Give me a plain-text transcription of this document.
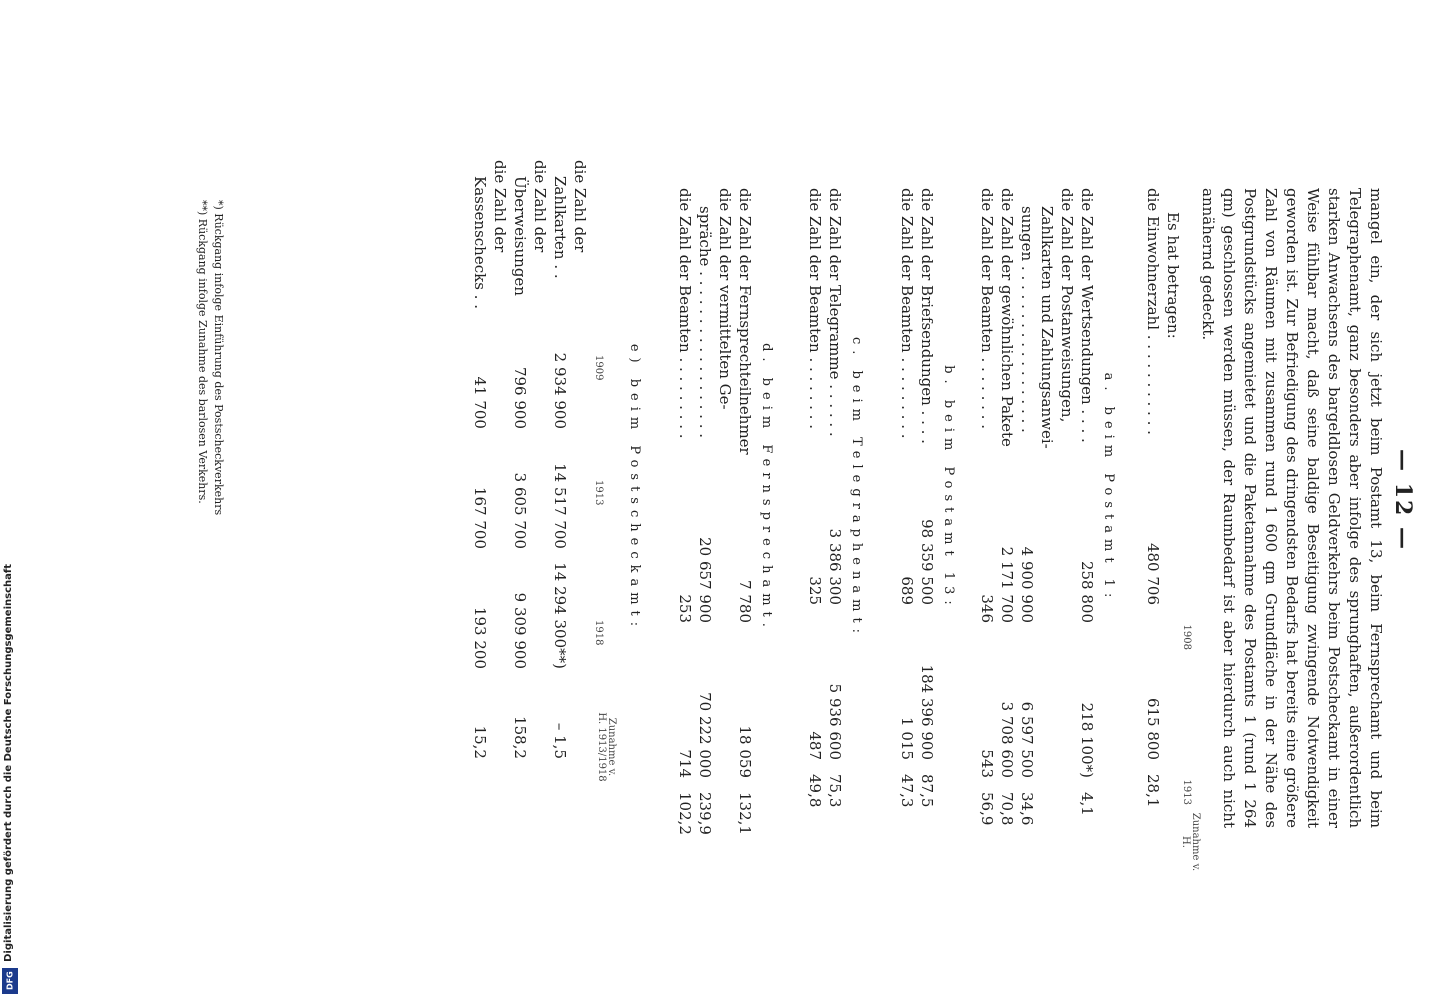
— 12 —

mangel ein, der sich jetzt beim Postamt 13, beim Fernsprechamt und beim Telegraphenamt, ganz besonders aber infolge des sprunghaften, außerordentlich starken Anwachsens des bargeldlosen Geldverkehrs beim Postscheckamt in einer Weise fühlbar macht, daß seine baldige Beseitigung zwingende Notwendigkeit geworden ist. Zur Befriedigung des dringendsten Bedarfs hat bereits eine größere Zahl von Räumen mit zusammen rund 1 600 qm Grundfläche in der Nähe des Postgrundstücks angemietet und die Paketannahme des Postamts 1 (rund 1 264 qm) geschlossen werden müssen, der Raumbedarf ist aber hierdurch auch nicht annähernd gedeckt.

1908
1913
Zunahme v. H.
Es hat betragen:
die Einwohnerzahl . . . . . . . . . . .	480 706	615 800	28,1
a. beim Postamt 1:
die Zahl der Wertsendungen . . . .	258 800	218 100*)	4,1
die Zahl der Postanweisungen,			
Zahlkarten und Zahlungsanwei-			
sungen . . . . . . . . . . . . . . . . . .	4 900 900	6 597 500	34,6
die Zahl der gewöhnlichen Pakete	2 171 700	3 708 600	70,8
die Zahl der Beamten . . . . . . . .	346	543	56,9
b. beim Postamt 13:
die Zahl der Briefsendungen . . . .	98 359 500	184 396 900	87,5
die Zahl der Beamten . . . . . . . . .	689	1 015	47,3
c. beim Telegraphenamt:
die Zahl der Telegramme . . . . . .	3 386 300	5 936 600	75,3
die Zahl der Beamten . . . . . . . .	325	487	49,8
d. beim Fernsprechamt.
die Zahl der Fernsprechteilnehmer	7 780	18 059	132,1
die Zahl der vermittelten Ge-			
spräche . . . . . . . . . . . . . . . . . .	20 657 900	70 222 000	239,9
die Zahl der Beamten . . . . . . . . .	253	714	102,2
e) beim Postscheckamt:
1909
1913
1918
Zunahme v. H. 1913/1918
die Zahl der				
Zahlkarten . .	2 934 900	14 517 700	14 294 300**)	– 1,5
die Zahl der				
Überweisungen	796 900	3 605 700	9 309 900	158,2
die Zahl der				
Kassenschecks . .	41 700	167 700	193 200	15,2
*) Rückgang infolge Einführung des Postscheckverkehrs
**) Rückgang infolge Zunahme des barlosen Verkehrs.
Digitalisierung gefördert durch die Deutsche Forschungsgemeinschaft
DFG
